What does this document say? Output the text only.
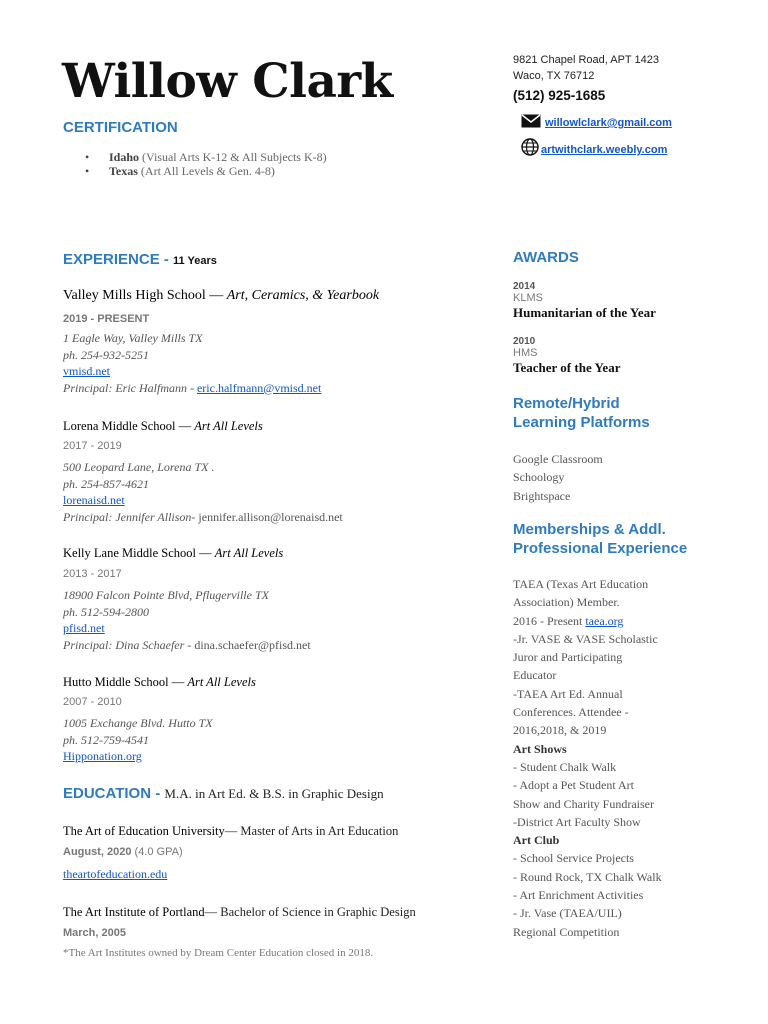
Willow Clark	9821 Chapel Road, APT 1423
Waco, TX 76712
(512) 925-1685
willowlclark@gmail.com
artwithclark.weebly.com
CERTIFICATION
• Idaho (Visual Arts K-12 & All Subjects K-8)
• Texas (Art All Levels & Gen. 4-8)
EXPERIENCE - 11 Years
Valley Mills High School — Art, Ceramics, & Yearbook
2019 - PRESENT
1 Eagle Way, Valley Mills TX
ph. 254-932-5251
vmisd.net
Principal: Eric Halfmann - eric.halfmann@vmisd.net
Lorena Middle School — Art All Levels
2017 - 2019
500 Leopard Lane, Lorena TX .
ph. 254-857-4621
lorenaisd.net
Principal: Jennifer Allison- jennifer.allison@lorenaisd.net
Kelly Lane Middle School — Art All Levels
2013 - 2017
18900 Falcon Pointe Blvd, Pflugerville TX
ph. 512-594-2800
pfisd.net
Principal: Dina Schaefer - dina.schaefer@pfisd.net
Hutto Middle School — Art All Levels
2007 - 2010
1005 Exchange Blvd. Hutto TX
ph. 512-759-4541
Hipponation.org
EDUCATION - M.A. in Art Ed. & B.S. in Graphic Design
The Art of Education University— Master of Arts in Art Education
August, 2020 (4.0 GPA)
theartofeducation.edu
The Art Institute of Portland— Bachelor of Science in Graphic Design
March, 2005
*The Art Institutes owned by Dream Center Education closed in 2018.
AWARDS
2014
KLMS
Humanitarian of the Year
2010
HMS
Teacher of the Year
Remote/Hybrid
Learning Platforms
Google Classroom
Schoology
Brightspace
Memberships & Addl.
Professional Experience
TAEA (Texas Art Education
Association) Member.
2016 - Present taea.org
-Jr. VASE & VASE Scholastic
Juror and Participating
Educator
-TAEA Art Ed. Annual
Conferences. Attendee -
2016,2018, & 2019
Art Shows
- Student Chalk Walk
- Adopt a Pet Student Art
Show and Charity Fundraiser
-District Art Faculty Show
Art Club
- School Service Projects
- Round Rock, TX Chalk Walk
- Art Enrichment Activities
- Jr. Vase (TAEA/UIL)
Regional Competition
